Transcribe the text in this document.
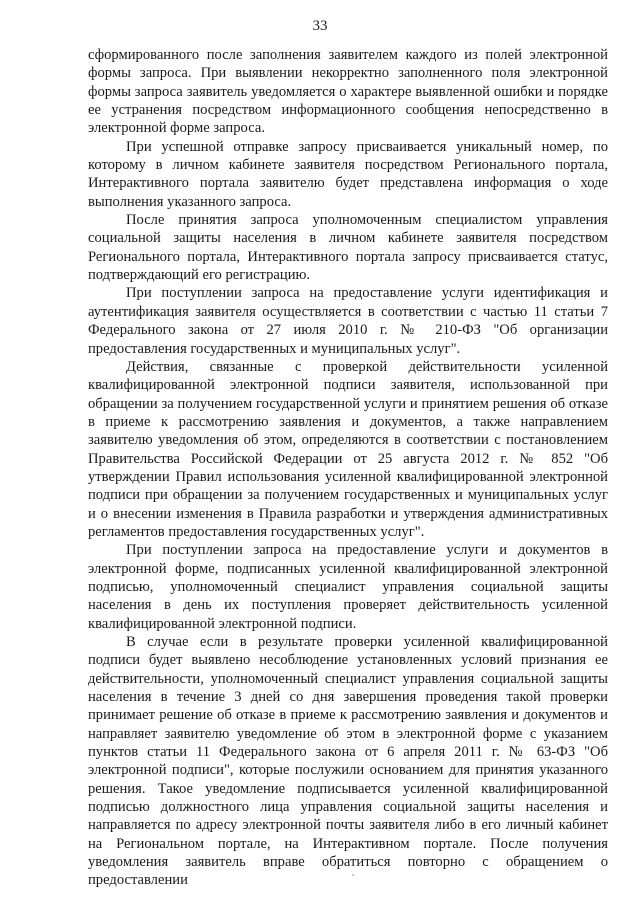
33

сформированного после заполнения заявителем каждого из полей электронной формы запроса. При выявлении некорректно заполненного поля электронной формы запроса заявитель уведомляется о характере выявленной ошибки и порядке ее устранения посредством информационного сообщения непосредственно в электронной форме запроса.

При успешной отправке запросу присваивается уникальный номер, по которому в личном кабинете заявителя посредством Регионального портала, Интерактивного портала заявителю будет представлена информация о ходе выполнения указанного запроса.

После принятия запроса уполномоченным специалистом управления социальной защиты населения в личном кабинете заявителя посредством Регионального портала, Интерактивного портала запросу присваивается статус, подтверждающий его регистрацию.

При поступлении запроса на предоставление услуги идентификация и аутентификация заявителя осуществляется в соответствии с частью 11 статьи 7 Федерального закона от 27 июля 2010 г. № 210-ФЗ "Об организации предоставления государственных и муниципальных услуг".

Действия, связанные с проверкой действительности усиленной квалифицированной электронной подписи заявителя, использованной при обращении за получением государственной услуги и принятием решения об отказе в приеме к рассмотрению заявления и документов, а также направлением заявителю уведомления об этом, определяются в соответствии с постановлением Правительства Российской Федерации от 25 августа 2012 г. № 852 "Об утверждении Правил использования усиленной квалифицированной электронной подписи при обращении за получением государственных и муниципальных услуг и о внесении изменения в Правила разработки и утверждения административных регламентов предоставления государственных услуг".

При поступлении запроса на предоставление услуги и документов в электронной форме, подписанных усиленной квалифицированной электронной подписью, уполномоченный специалист управления социальной защиты населения в день их поступления проверяет действительность усиленной квалифицированной электронной подписи.

В случае если в результате проверки усиленной квалифицированной подписи будет выявлено несоблюдение установленных условий признания ее действительности, уполномоченный специалист управления социальной защиты населения в течение 3 дней со дня завершения проведения такой проверки принимает решение об отказе в приеме к рассмотрению заявления и документов и направляет заявителю уведомление об этом в электронной форме с указанием пунктов статьи 11 Федерального закона от 6 апреля 2011 г. № 63-ФЗ "Об электронной подписи", которые послужили основанием для принятия указанного решения. Такое уведомление подписывается усиленной квалифицированной подписью должностного лица управления социальной защиты населения и направляется по адресу электронной почты заявителя либо в его личный кабинет на Региональном портале, на Интерактивном портале. После получения уведомления заявитель вправе обратиться повторно с обращением о предоставлении
